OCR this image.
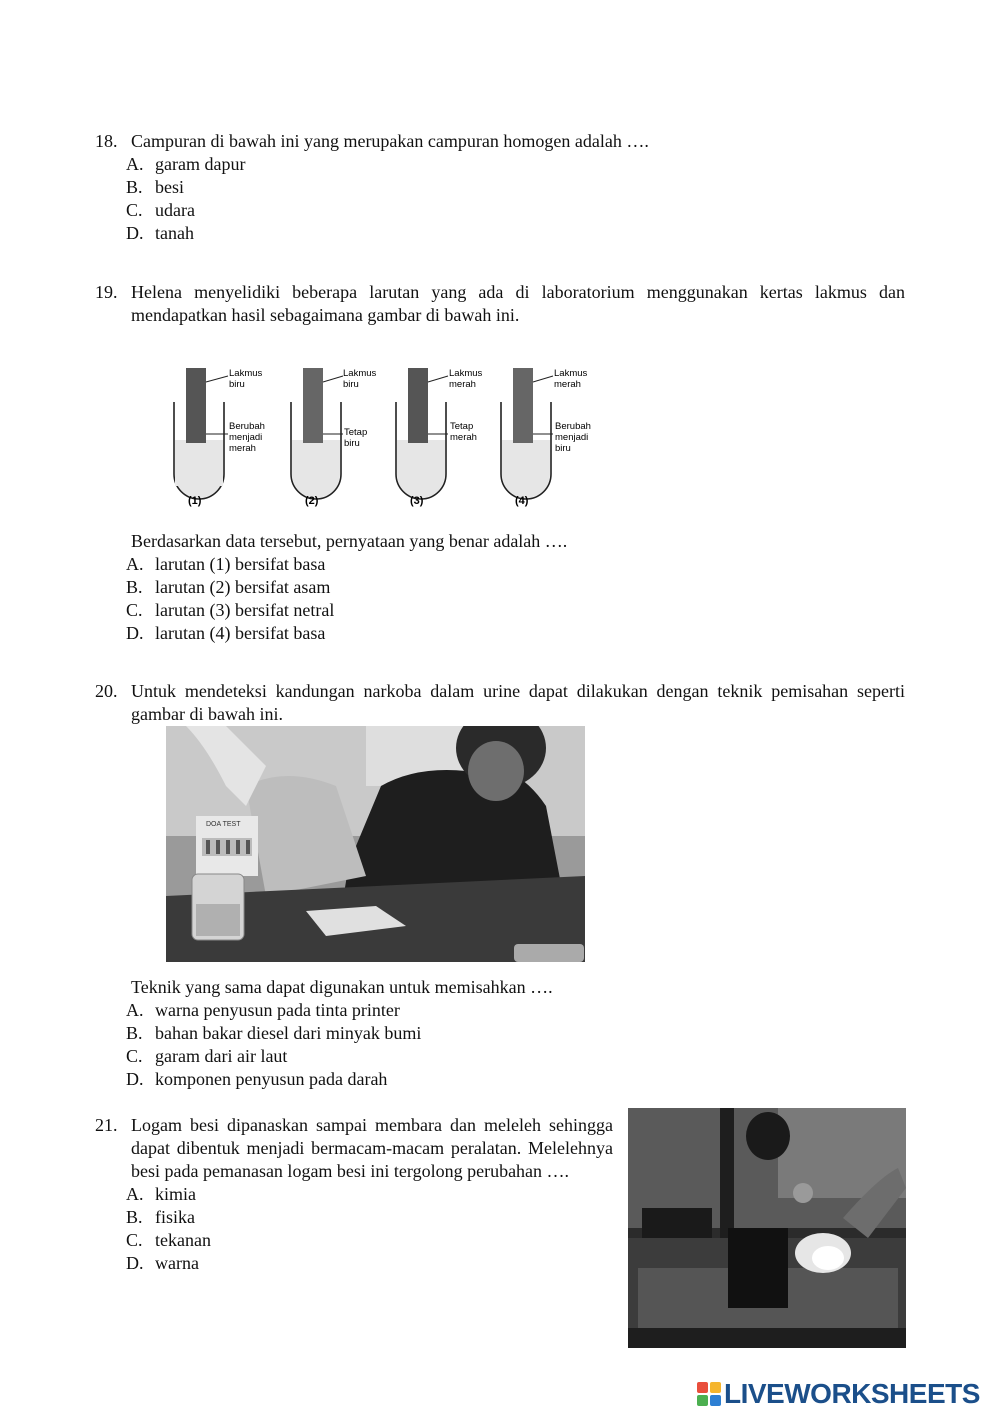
18. Campuran di bawah ini yang merupakan campuran homogen adalah ….
A. garam dapur
B. besi
C. udara
D. tanah
19. Helena menyelidiki beberapa larutan yang ada di laboratorium menggunakan kertas lakmus dan mendapatkan hasil sebagaimana gambar di bawah ini.
Lakmus
biru
Berubah
menjadi
merah
(1)
Lakmus
biru
Tetap
biru
(2)
Lakmus
merah
Tetap
merah
(3)
Lakmus
merah
Berubah
menjadi
biru
(4)
Berdasarkan data tersebut, pernyataan yang benar adalah ….
A. larutan (1) bersifat basa
B. larutan (2) bersifat asam
C. larutan (3) bersifat netral
D. larutan (4) bersifat basa
20. Untuk mendeteksi kandungan narkoba dalam urine dapat dilakukan dengan teknik pemisahan seperti gambar di bawah ini.
DOA TEST
Teknik yang sama dapat digunakan untuk memisahkan ….
A. warna penyusun pada tinta printer
B. bahan bakar diesel dari minyak bumi
C. garam dari air laut
D. komponen penyusun pada darah
21. Logam besi dipanaskan sampai membara dan meleleh sehingga dapat dibentuk menjadi bermacam-macam peralatan. Melelehnya besi pada pemanasan logam besi ini tergolong perubahan ….
A. kimia
B. fisika
C. tekanan
D. warna
LIVEWORKSHEETS
